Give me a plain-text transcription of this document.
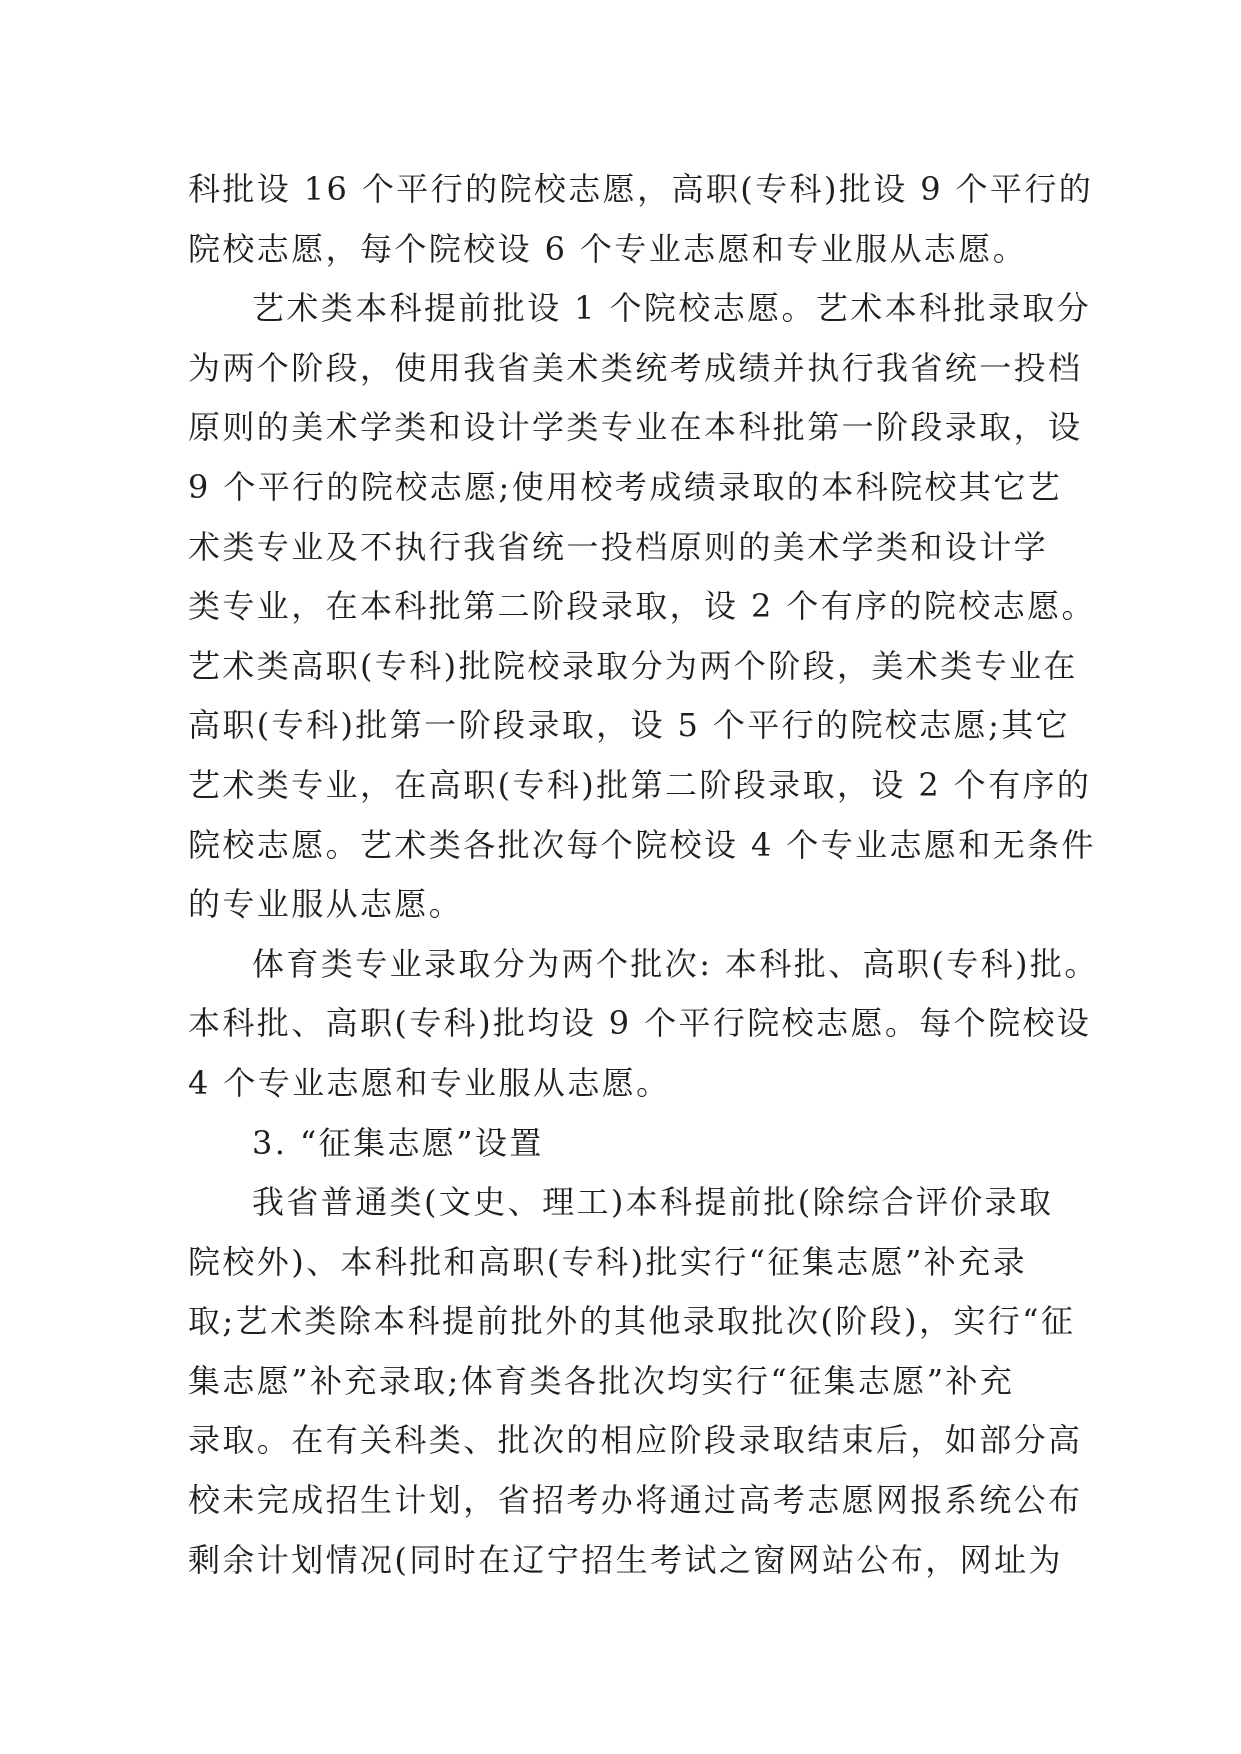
科批设 16 个平行的院校志愿，高职(专科)批设 9 个平行的
院校志愿，每个院校设 6 个专业志愿和专业服从志愿。
艺术类本科提前批设 1 个院校志愿。艺术本科批录取分
为两个阶段，使用我省美术类统考成绩并执行我省统一投档
原则的美术学类和设计学类专业在本科批第一阶段录取，设
9 个平行的院校志愿;使用校考成绩录取的本科院校其它艺
术类专业及不执行我省统一投档原则的美术学类和设计学
类专业，在本科批第二阶段录取，设 2 个有序的院校志愿。
艺术类高职(专科)批院校录取分为两个阶段，美术类专业在
高职(专科)批第一阶段录取，设 5 个平行的院校志愿;其它
艺术类专业，在高职(专科)批第二阶段录取，设 2 个有序的
院校志愿。艺术类各批次每个院校设 4 个专业志愿和无条件
的专业服从志愿。
体育类专业录取分为两个批次: 本科批、高职(专科)批。
本科批、高职(专科)批均设 9 个平行院校志愿。每个院校设
4 个专业志愿和专业服从志愿。
3. “征集志愿”设置
我省普通类(文史、理工)本科提前批(除综合评价录取
院校外)、本科批和高职(专科)批实行“征集志愿”补充录
取;艺术类除本科提前批外的其他录取批次(阶段)，实行“征
集志愿”补充录取;体育类各批次均实行“征集志愿”补充
录取。在有关科类、批次的相应阶段录取结束后，如部分高
校未完成招生计划，省招考办将通过高考志愿网报系统公布
剩余计划情况(同时在辽宁招生考试之窗网站公布，网址为
